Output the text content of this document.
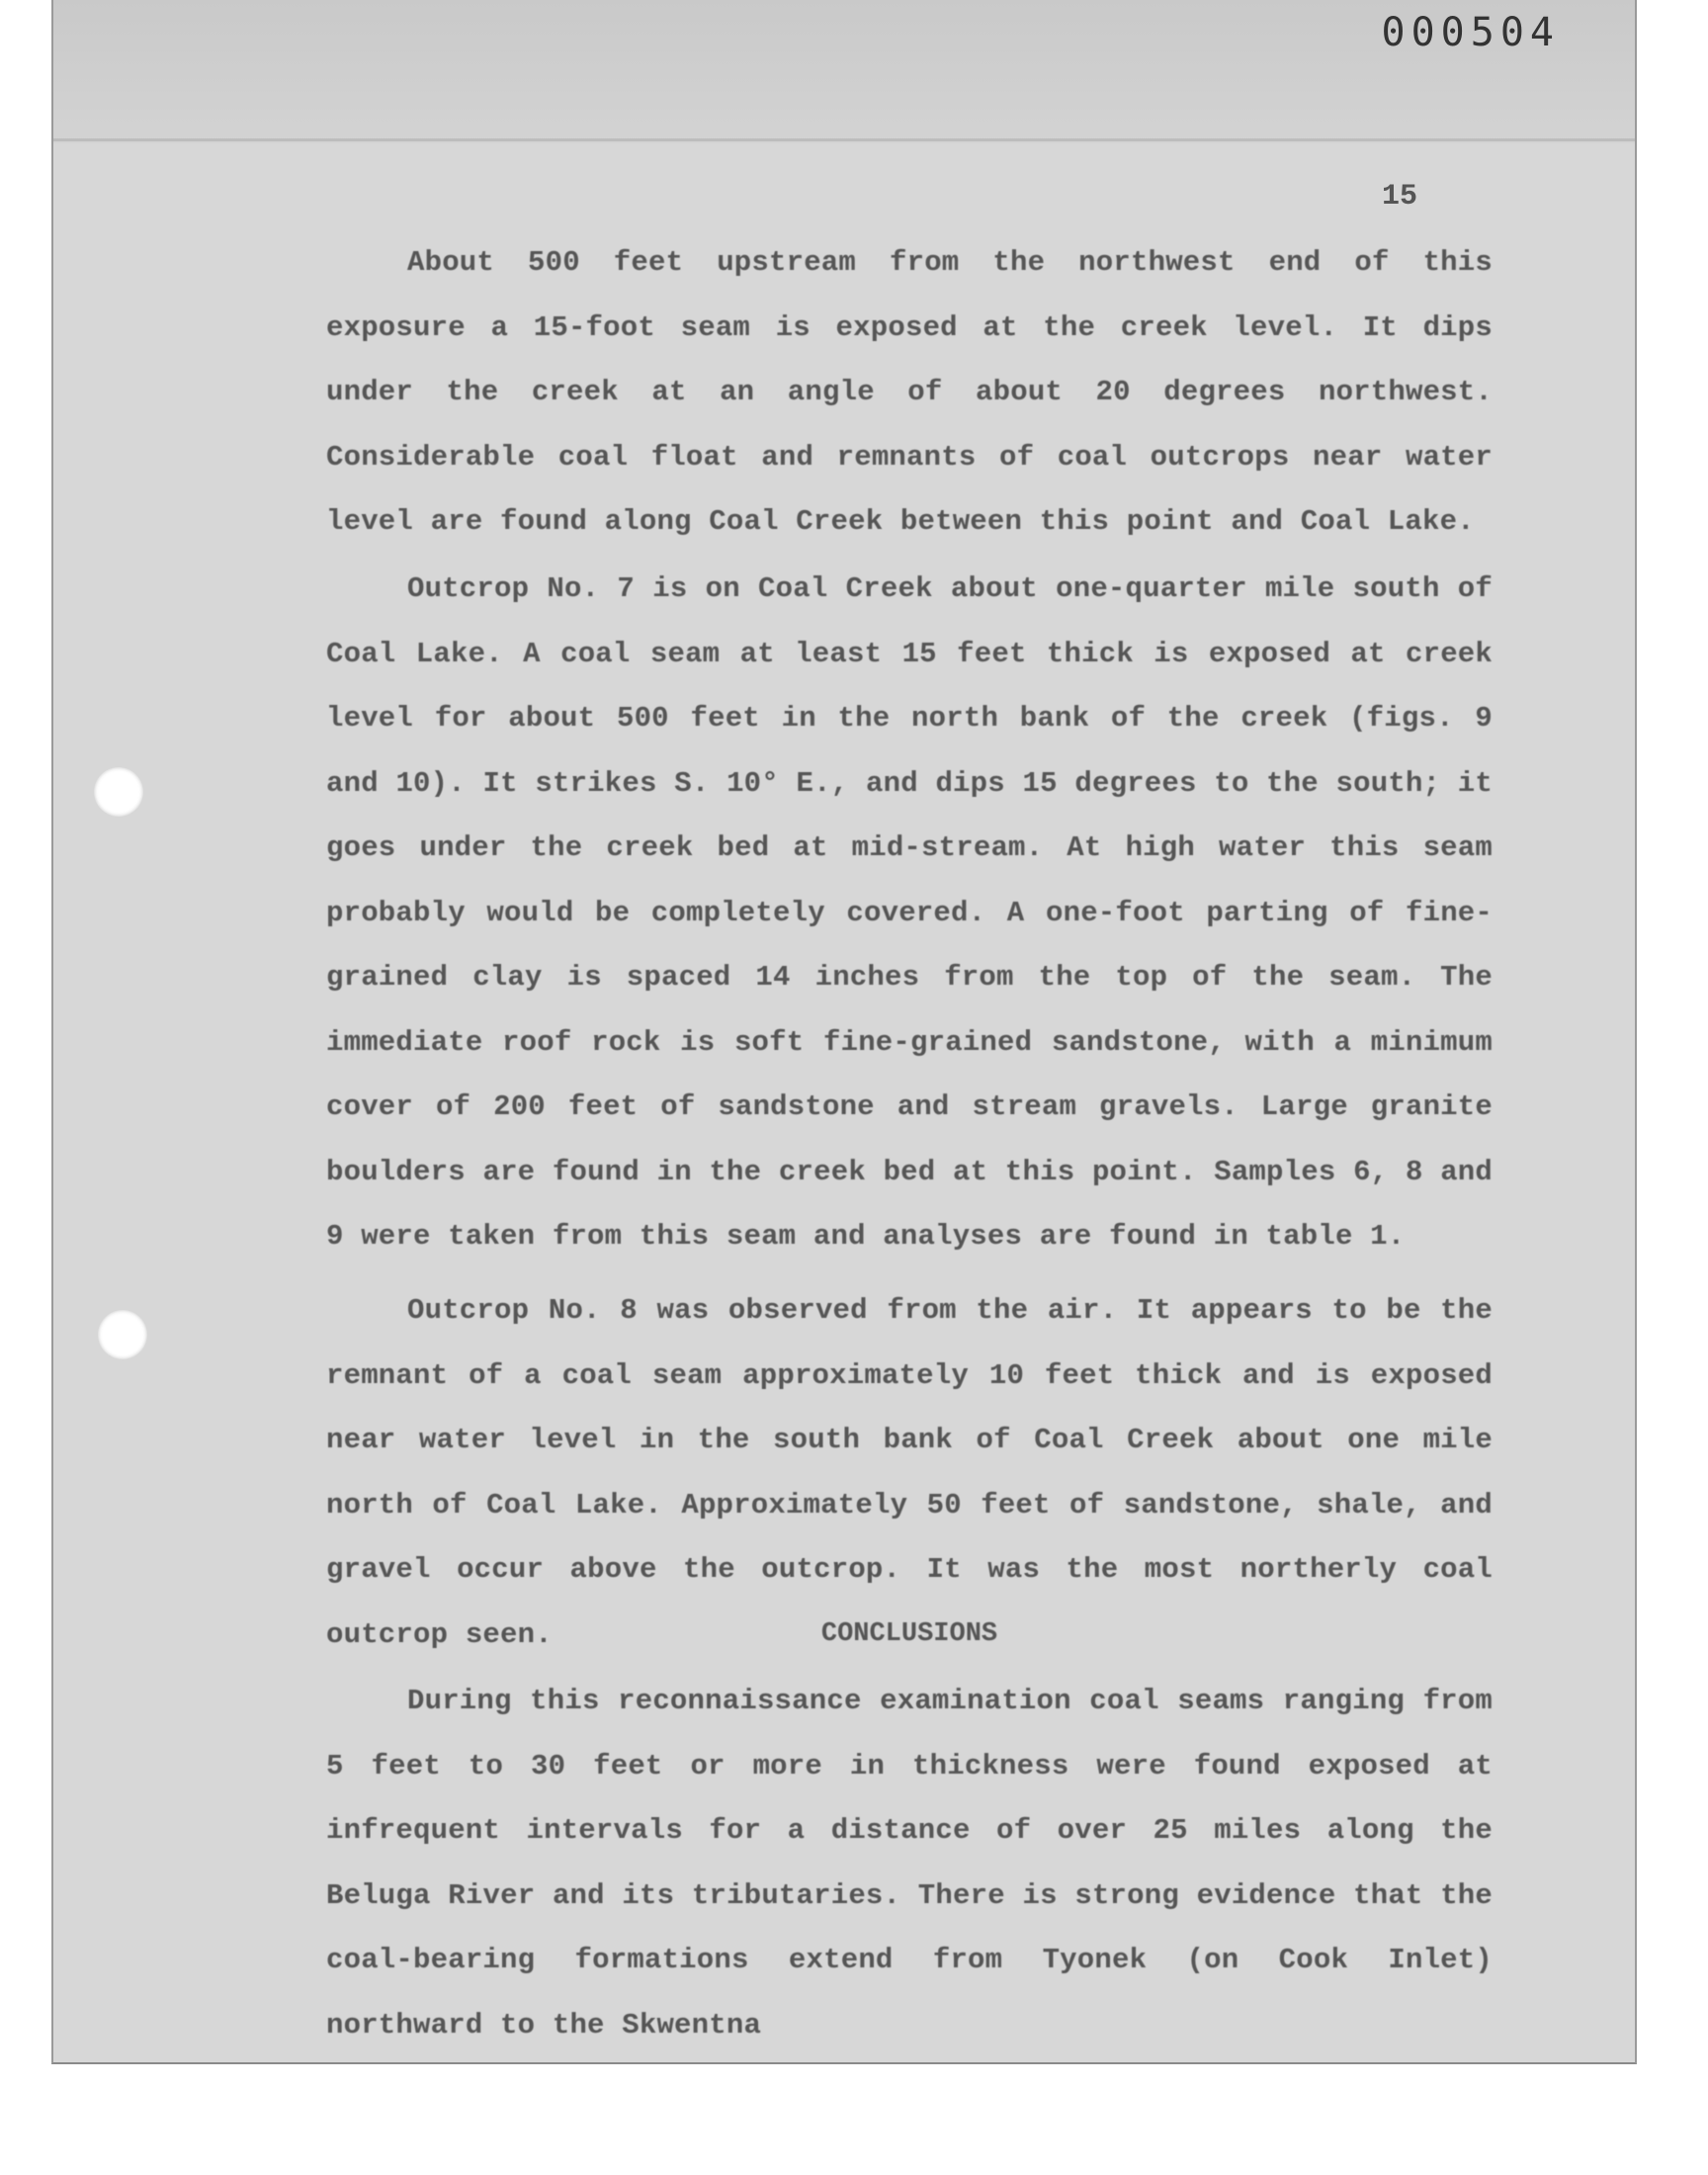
000504
15

About 500 feet upstream from the northwest end of this exposure a 15-foot seam is exposed at the creek level. It dips under the creek at an angle of about 20 degrees northwest. Considerable coal float and remnants of coal outcrops near water level are found along Coal Creek between this point and Coal Lake.

Outcrop No. 7 is on Coal Creek about one-quarter mile south of Coal Lake. A coal seam at least 15 feet thick is exposed at creek level for about 500 feet in the north bank of the creek (figs. 9 and 10). It strikes S. 10° E., and dips 15 degrees to the south; it goes under the creek bed at mid-stream. At high water this seam probably would be completely covered. A one-foot parting of fine-grained clay is spaced 14 inches from the top of the seam. The immediate roof rock is soft fine-grained sandstone, with a minimum cover of 200 feet of sandstone and stream gravels. Large granite boulders are found in the creek bed at this point. Samples 6, 8 and 9 were taken from this seam and analyses are found in table 1.

Outcrop No. 8 was observed from the air. It appears to be the remnant of a coal seam approximately 10 feet thick and is exposed near water level in the south bank of Coal Creek about one mile north of Coal Lake. Approximately 50 feet of sandstone, shale, and gravel occur above the outcrop. It was the most northerly coal outcrop seen.	CONCLUSIONS

During this reconnaissance examination coal seams ranging from 5 feet to 30 feet or more in thickness were found exposed at infrequent intervals for a distance of over 25 miles along the Beluga River and its tributaries. There is strong evidence that the coal-bearing formations extend from Tyonek (on Cook Inlet) northward to the Skwentna
